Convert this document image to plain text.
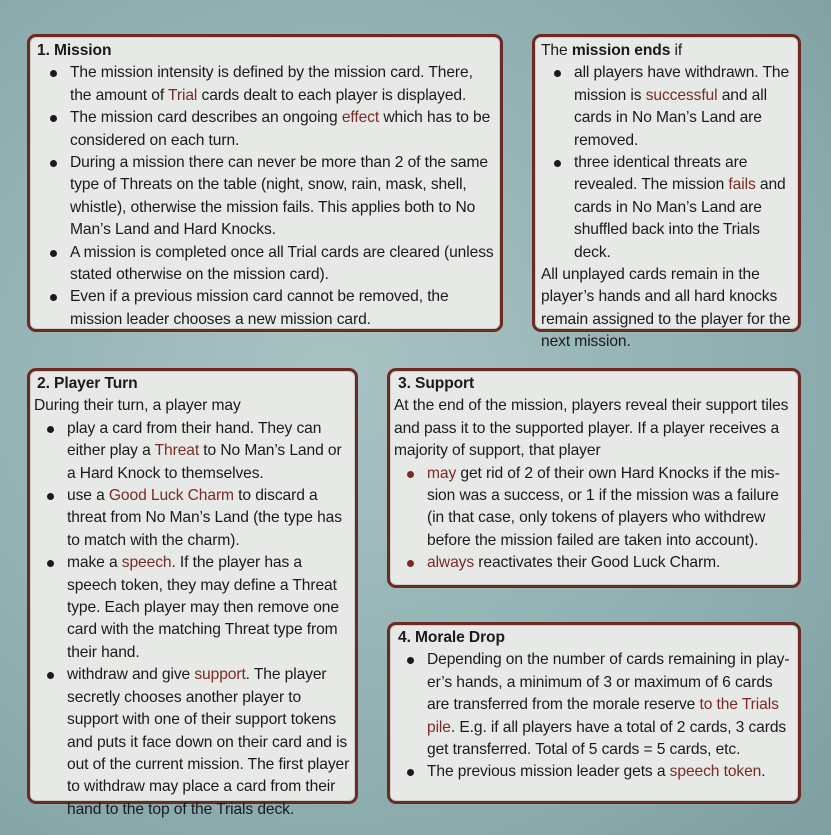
1. Mission
The mission intensity is defined by the mission card. There, the amount of Trial cards dealt to each player is displayed.
The mission card describes an ongoing effect which has to be considered on each turn.
During a mission there can never be more than 2 of the same type of Threats on the table (night, snow, rain, mask, shell, whistle), otherwise the mission fails. This applies both to No Man’s Land and Hard Knocks.
A mission is completed once all Trial cards are cleared (unless stated otherwise on the mission card).
Even if a previous mission card cannot be removed, the mission leader chooses a new mission card.
The mission ends if
all players have withdrawn. The mission is successful and all cards in No Man’s Land are removed.
three identical threats are revealed. The mission fails and cards in No Man’s Land are shuffled back into the Trials deck.
All unplayed cards remain in the player’s hands and all hard knocks remain assigned to the player for the next mission.
2. Player Turn
During their turn, a player may
play a card from their hand. They can either play a Threat to No Man’s Land or a Hard Knock to themselves.
use a Good Luck Charm to discard a threat from No Man’s Land (the type has to match with the charm).
make a speech. If the player has a speech token, they may define a Threat type. Each player may then remove one card with the matching Threat type from their hand.
withdraw and give support. The player secretly chooses another player to support with one of their support tokens and puts it face down on their card and is out of the current mission. The first player to withdraw may place a card from their hand to the top of the Trials deck.
3. Support
At the end of the mission, players reveal their support tiles and pass it to the supported player. If a player receives a majority of support, that player
may get rid of 2 of their own Hard Knocks if the mission was a success, or 1 if the mission was a failure (in that case, only tokens of players who withdrew before the mission failed are taken into account).
always reactivates their Good Luck Charm.
4. Morale Drop
Depending on the number of cards remaining in player’s hands, a minimum of 3 or maximum of 6 cards are transferred from the morale reserve to the Trials pile. E.g. if all players have a total of 2 cards, 3 cards get transferred. Total of 5 cards = 5 cards, etc.
The previous mission leader gets a speech token.
